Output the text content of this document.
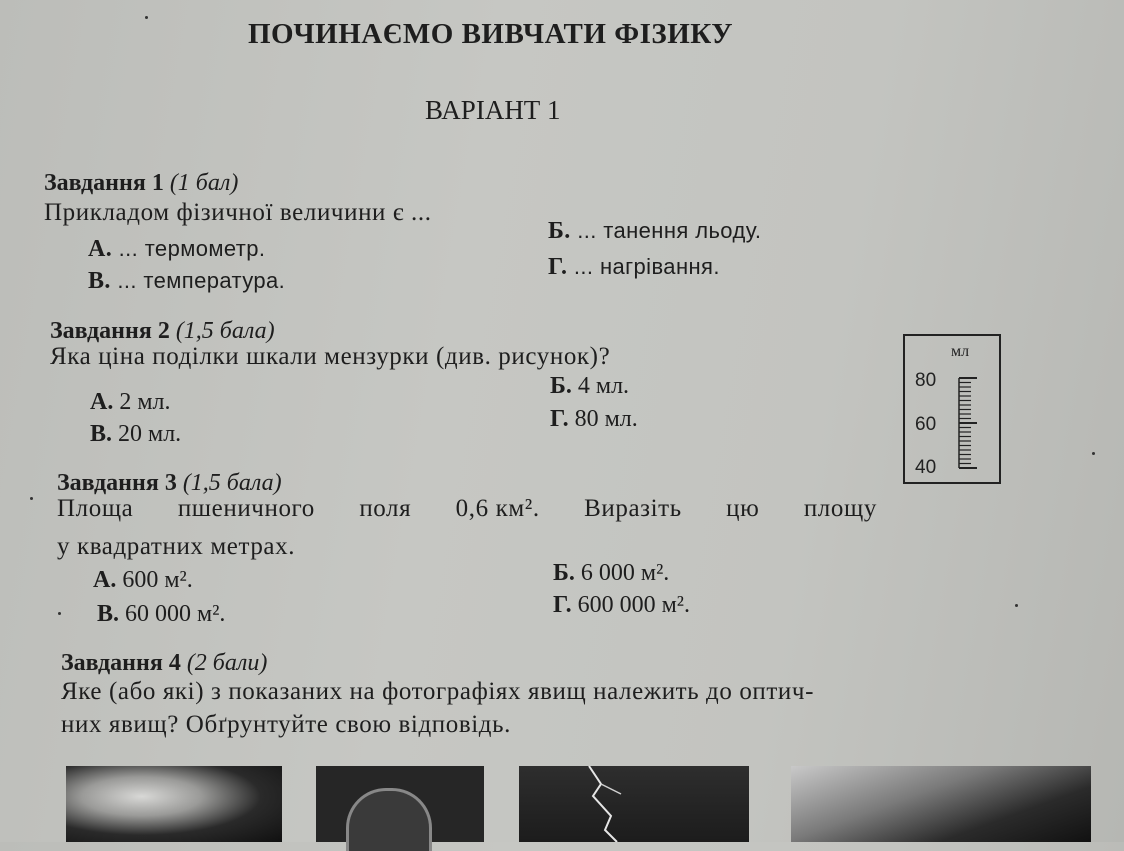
ПОЧИНАЄМО ВИВЧАТИ ФІЗИКУ
ВАРІАНТ 1
Завдання 1 (1 бал)
Прикладом фізичної величини є ...
А. ... термометр.
Б. ... танення льоду.
В. ... температура.
Г. ... нагрівання.
Завдання 2 (1,5 бала)
Яка ціна поділки шкали мензурки (див. рисунок)?
А. 2 мл.
Б. 4 мл.
В. 20 мл.
Г. 80 мл.
мл
80
60
40
Завдання 3 (1,5 бала)
Площа пшеничного поля 0,6 км². Виразіть цю площу
у квадратних метрах.
А. 600 м².	Б. 6 000 м².
В. 60 000 м².	Г. 600 000 м².
Завдання 4 (2 бали)
Яке (або які) з показаних на фотографіях явищ належить до оптич-
них явищ? Обґрунтуйте свою відповідь.
